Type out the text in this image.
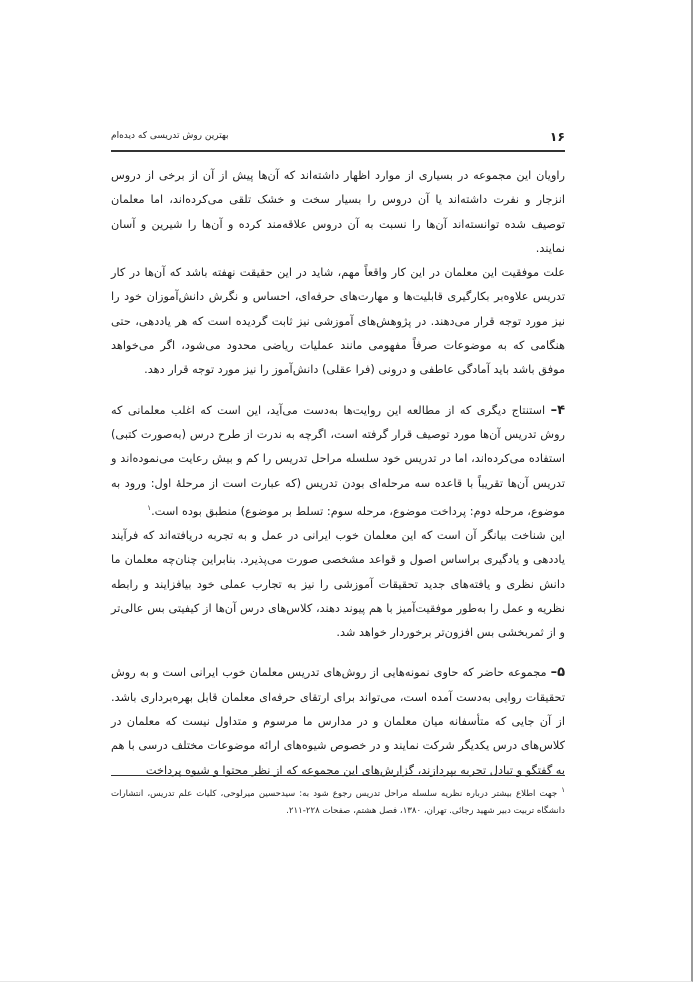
۱۶
بهترین روش تدریسی که دیده‌ام

راویان این مجموعه در بسیاری از موارد اظهار داشته‌اند که آن‌ها پیش از آن از برخی از دروس انزجار و نفرت داشته‌اند یا آن دروس را بسیار سخت و خشک تلقی می‌کرده‌اند، اما معلمان توصیف شده توانسته‌اند آن‌ها را نسبت به آن دروس علاقه‌مند کرده و آن‌ها را شیرین و آسان نمایند.

علت موفقیت این معلمان در این کار واقعاً مهم، شاید در این حقیقت نهفته باشد که آن‌ها در کار تدریس علاوه‌بر بکارگیری قابلیت‌ها و مهارت‌های حرفه‌ای، احساس و نگرش دانش‌آموزان خود را نیز مورد توجه قرار می‌دهند. در پژوهش‌های آموزشی نیز ثابت گردیده است که هر یاددهی، حتی هنگامی که به موضوعات صرفاً مفهومی مانند عملیات ریاضی محدود می‌شود، اگر می‌خواهد موفق باشد باید آمادگی عاطفی و درونی (فرا عقلی) دانش‌آموز را نیز مورد توجه قرار دهد.

۴– استنتاج دیگری که از مطالعه این روایت‌ها به‌دست می‌آید، این است که اغلب معلمانی که روش تدریس آن‌ها مورد توصیف قرار گرفته است، اگرچه به ندرت از طرح درس (به‌صورت کتبی) استفاده می‌کرده‌اند، اما در تدریس خود سلسله مراحل تدریس را کم و بیش رعایت می‌نموده‌اند و تدریس آن‌ها تقریباً با قاعده سه مرحله‌ای بودن تدریس (که عبارت است از مرحلهٔ اول: ورود به موضوع، مرحله دوم: پرداخت موضوع، مرحله سوم: تسلط بر موضوع) منطبق بوده است.$^۱$

این شناخت بیانگر آن است که این معلمان خوب ایرانی در عمل و به تجربه دریافته‌اند که فرآیند یاددهی و یادگیری براساس اصول و قواعد مشخصی صورت می‌پذیرد. بنابراین چنان‌چه معلمان ما دانش نظری و یافته‌های جدید تحقیقات آموزشی را نیز به تجارب عملی خود بیافزایند و رابطه نظریه و عمل را به‌طور موفقیت‌آمیز با هم پیوند دهند، کلاس‌های درس آن‌ها از کیفیتی بس عالی‌تر و از ثمربخشی بس افزون‌تر برخوردار خواهد شد.

۵– مجموعه حاضر که حاوی نمونه‌هایی از روش‌های تدریس معلمان خوب ایرانی است و به روش تحقیقات روایی به‌دست آمده است، می‌تواند برای ارتقای حرفه‌ای معلمان قابل بهره‌برداری باشد. از آن جایی که متأسفانه میان معلمان و در مدارس ما مرسوم و متداول نیست که معلمان در کلاس‌های درس یکدیگر شرکت نمایند و در خصوص شیوه‌های ارائه موضوعات مختلف درسی با هم به گفتگو و تبادل تجربه بپردازند، گزارش‌های این مجموعه که از نظر محتوا و شیوه پرداخت

$^۱$ جهت اطلاع بیشتر درباره نظریه سلسله مراحل تدریس رجوع شود به: سیدحسین میرلوحی، کلیات علم تدریس، انتشارات دانشگاه تربیت دبیر شهید رجائی. تهران، ۱۳۸۰، فصل هشتم، صفحات ۲۲۸-۲۱۱.
